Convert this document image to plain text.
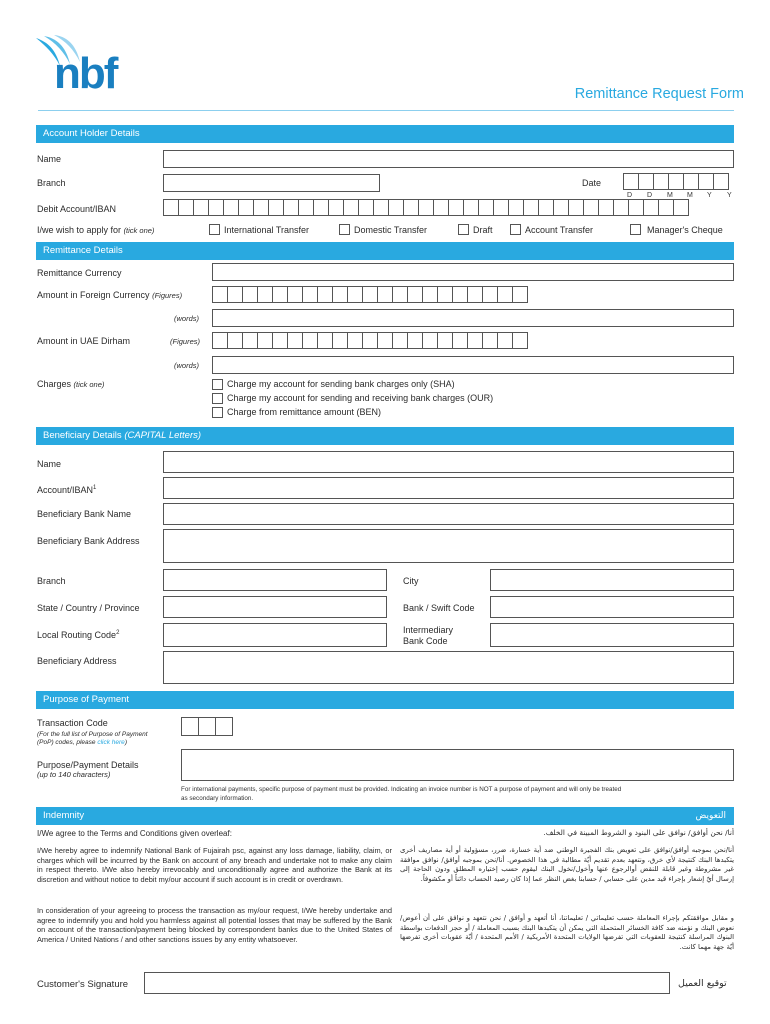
nbf	Remittance Request Form
Account Holder Details
Name
Branch	Date
D	D	M	M	Y	Y
Debit Account/IBAN
I/we wish to apply for (tick one)	International Transfer	Domestic Transfer	Draft	Account Transfer	Manager's Cheque
Remittance Details
Remittance Currency
Amount in Foreign Currency (Figures)
(words)
Amount in UAE Dirham	(Figures)
(words)
Charges (tick one)	Charge my account for sending bank charges only (SHA)
Charge my account for sending and receiving bank charges (OUR)
Charge from remittance amount (BEN)
Beneficiary Details (CAPITAL Letters)
Name
Account/IBAN$^1$
Beneficiary Bank Name
Beneficiary Bank Address
Branch	City
State / Country / Province	Bank / Swift Code
Local Routing Code$^2$	Intermediary
Bank Code
Beneficiary Address
Purpose of Payment
Transaction Code
(For the full list of Purpose of Payment
(PoP) codes, please click here)
Purpose/Payment Details
(up to 140 characters)
For international payments, specific purpose of payment must be provided. Indicating an invoice number is NOT a purpose of payment and will only be treated
as secondary information.
Indemnity	التعويض
I/We agree to the Terms and Conditions given overleaf:	أنا/ نحن أوافق/ نوافق على البنود و الشروط المبينة في الخلف.
I/We hereby agree to indemnify National Bank of Fujairah psc, against any loss damage, liability, claim, or charges which will be incurred by the Bank on account of any breach and undertake not to make any claim in respect thereto. I/We also hereby irrevocably and unconditionally agree and authorize the Bank at its discretion and without notice to debit my/our account if such account is in credit or overdrawn.
In consideration of your agreeing to process the transaction as my/our request, I/We hereby undertake and agree to indemnify you and hold you harmless against all potential losses that may be suffered by the Bank on account of the transaction/payment being blocked by correspondent banks due to the United States of America / United Nations / and other sanctions issues by any entity whatsoever.
أنا/نحن بموجبه أوافق/نوافق على تعويض بنك الفجيرة الوطني ضد أية خسارة، ضرر، مسؤولية أو أية مصاريف أخرى يتكبدها البنك كنتيجة لأي خرق، ونتعهد بعدم تقديم أيّة مطالبة في هذا الخصوص. أنا/نحن بموجبه أوافق/ نوافق موافقة غير مشروطة وغير قابلة للنقض أوالرجوع عنها وأخول/نخول البنك ليقوم حسب إختياره المطلق ودون الحاجة إلى إرسال أيّ إشعار بإجراء قيد مدين على حسابي / حسابنا بغض النظر عما إذا كان رصيد الحساب دائناً أو مكشوفاً.
و مقابل موافقتكم بإجراء المعاملة حسب تعليماتي / تعليماتنا، أنا أتعهد و أوافق / نحن نتعهد و نوافق على أن أعوض/ نعوض البنك و نؤمنه ضد كافة الخسائر المتحملة التي يمكن أن يتكبدها البنك بسبب المعاملة / أو حجز الدفعات بواسطة البنوك المراسلة كنتيجة للعقوبات التي تفرضها الولايات المتحدة الأمريكية / الأمم المتحدة / أيّة عقوبات أخرى تفرضها أيّة جهة مهما كانت.
Customer's Signature	توقيع العميل
